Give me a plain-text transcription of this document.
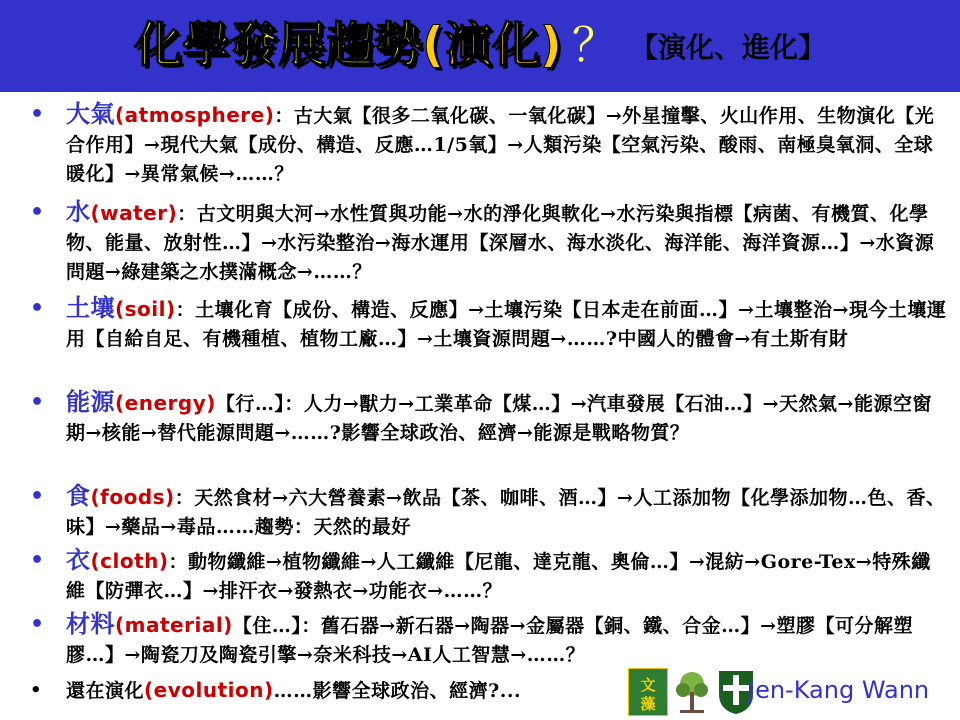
化學發展趨勢(演化) ？ 【演化、進化】
• 大氣(atmosphere)：古大氣【很多二氧化碳、一氧化碳】→外星撞擊、火山作用、生物演化【光合作用】→現代大氣【成份、構造、反應…1/5氧】→人類污染【空氣污染、酸雨、南極臭氧洞、全球暖化】→異常氣候→……？
• 水(water)：古文明與大河→水性質與功能→水的淨化與軟化→水污染與指標【病菌、有機質、化學物、能量、放射性…】→水污染整治→海水運用【深層水、海水淡化、海洋能、海洋資源…】→水資源問題→綠建築之水撲滿概念→……？
• 土壤(soil)：土壤化育【成份、構造、反應】→土壤污染【日本走在前面…】→土壤整治→現今土壤運用【自給自足、有機種植、植物工廠…】→土壤資源問題→……?中國人的體會→有土斯有財
• 能源(energy)【行…】：人力→獸力→工業革命【煤…】→汽車發展【石油…】→天然氣→能源空窗期→核能→替代能源問題→……?影響全球政治、經濟→能源是戰略物質？
• 食(foods)：天然食材→六大營養素→飲品【茶、咖啡、酒…】→人工添加物【化學添加物…色、香、味】→藥品→毒品……趨勢：天然的最好
• 衣(cloth)：動物纖維→植物纖維→人工纖維【尼龍、達克龍、奧倫…】→混紡→Gore-Tex→特殊纖維【防彈衣…】→排汗衣→發熱衣→功能衣→……？
• 材料(material)【住…】：舊石器→新石器→陶器→金屬器【銅、鐵、合金…】→塑膠【可分解塑膠…】→陶瓷刀及陶瓷引擎→奈米科技→AI人工智慧→……？
•	還在演化(evolution)……影響全球政治、經濟?...	文
藻	Jen-Kang Wann
